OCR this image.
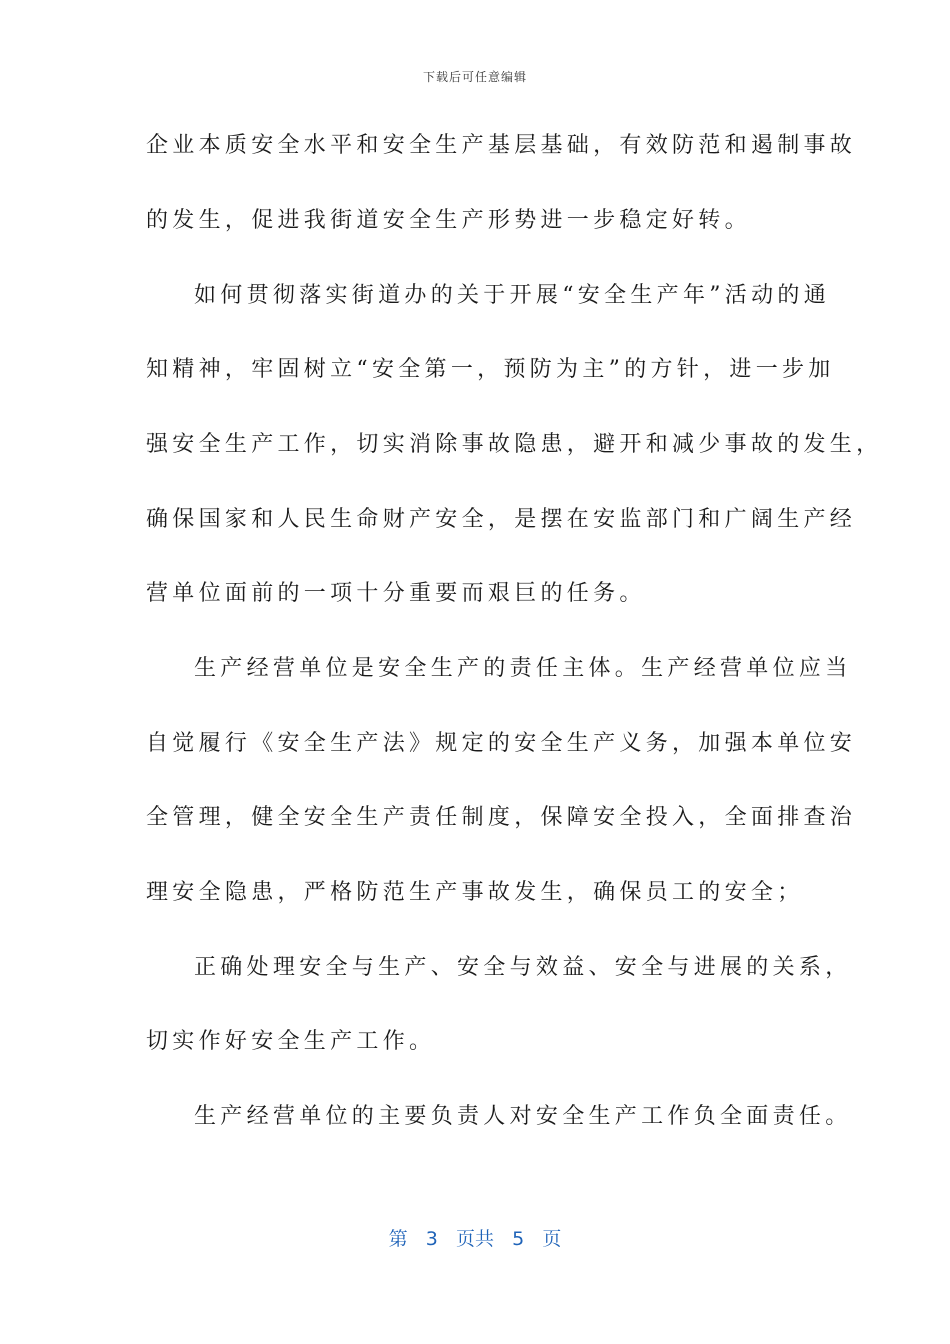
下载后可任意编辑
企业本质安全水平和安全生产基层基础，有效防范和遏制事故
的发生，促进我街道安全生产形势进一步稳定好转。
如何贯彻落实街道办的关于开展“安全生产年”活动的通
知精神，牢固树立“安全第一，预防为主”的方针，进一步加
强安全生产工作，切实消除事故隐患，避开和减少事故的发生，
确保国家和人民生命财产安全，是摆在安监部门和广阔生产经
营单位面前的一项十分重要而艰巨的任务。
生产经营单位是安全生产的责任主体。生产经营单位应当
自觉履行《安全生产法》规定的安全生产义务，加强本单位安
全管理，健全安全生产责任制度，保障安全投入，全面排查治
理安全隐患，严格防范生产事故发生，确保员工的安全；
正确处理安全与生产、安全与效益、安全与进展的关系，
切实作好安全生产工作。
生产经营单位的主要负责人对安全生产工作负全面责任。
第 3 页共 5 页
